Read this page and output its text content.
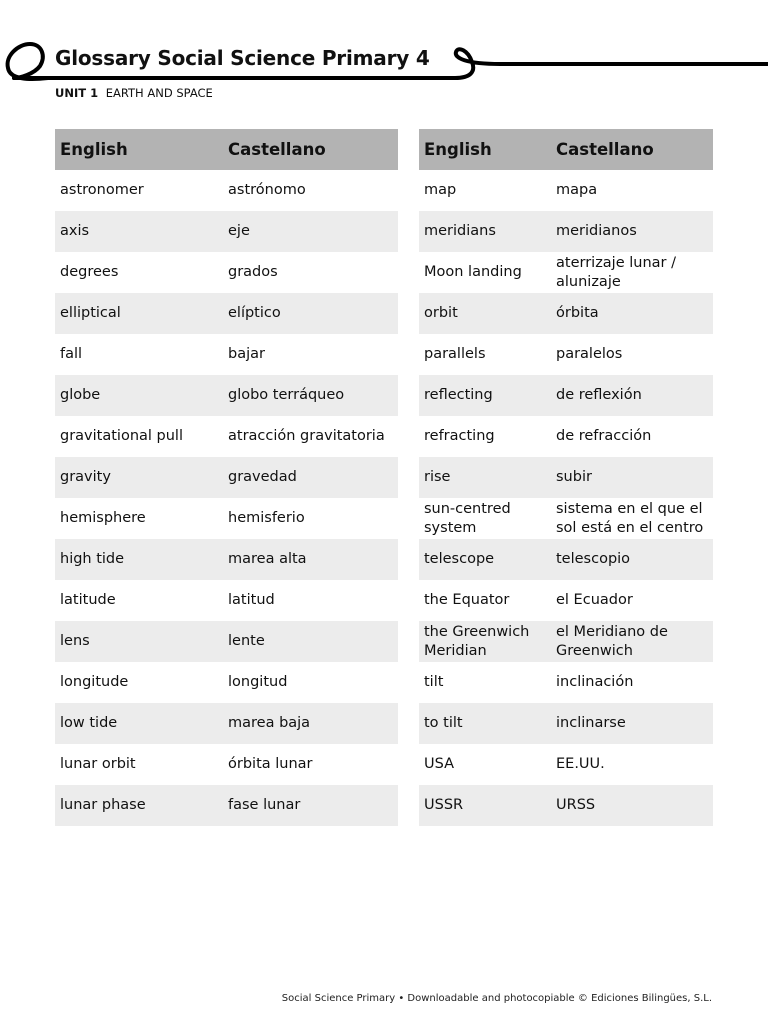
Glossary Social Science Primary 4
UNIT 1 EARTH AND SPACE
English	Castellano
astronomer	astrónomo
axis	eje
degrees	grados
elliptical	elíptico
fall	bajar
globe	globo terráqueo
gravitational pull	atracción gravitatoria
gravity	gravedad
hemisphere	hemisferio
high tide	marea alta
latitude	latitud
lens	lente
longitude	longitud
low tide	marea baja
lunar orbit	órbita lunar
lunar phase	fase lunar
English	Castellano
map	mapa
meridians	meridianos
Moon landing	aterrizaje lunar / alunizaje
orbit	órbita
parallels	paralelos
reflecting	de reflexión
refracting	de refracción
rise	subir
sun-centred system	sistema en el que el sol está en el centro
telescope	telescopio
the Equator	el Ecuador
the Greenwich Meridian	el Meridiano de Greenwich
tilt	inclinación
to tilt	inclinarse
USA	EE.UU.
USSR	URSS
Social Science Primary • Downloadable and photocopiable © Ediciones Bilingües, S.L.
